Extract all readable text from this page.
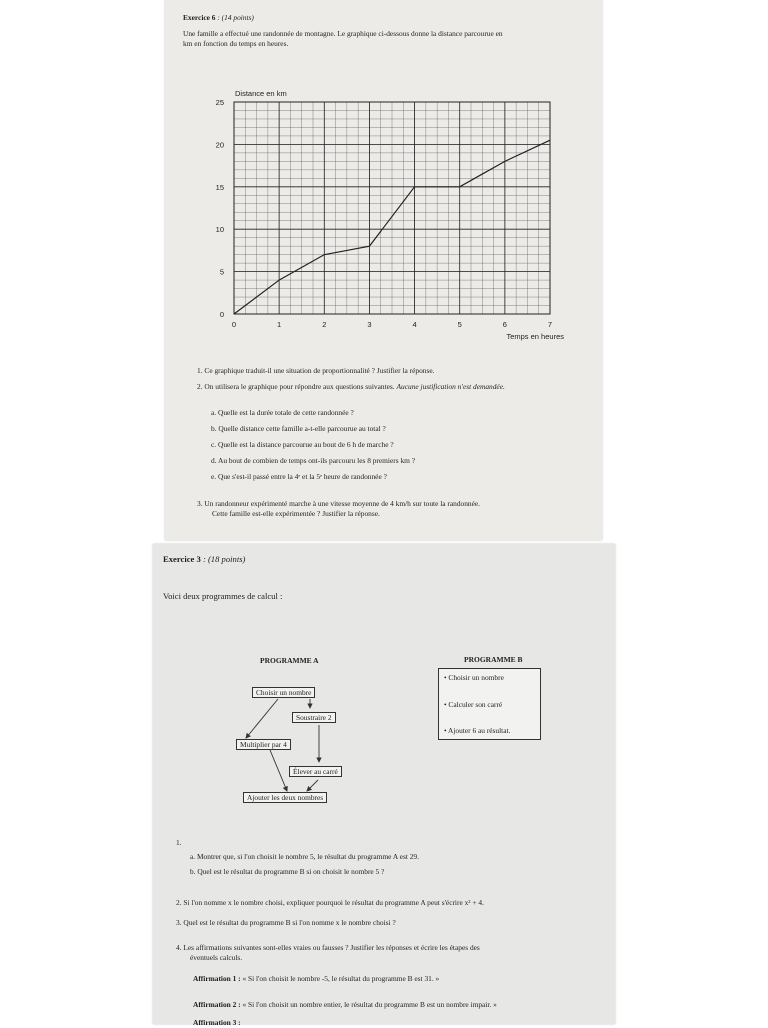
Exercice 6 : (14 points)
Une famille a effectué une randonnée de montagne. Le graphique ci-dessous donne la distance parcourue en
km en fonction du temps en heures.
0	1	2	3	4	5	6	7
0
5
10
15
20
25
Distance en km
Temps en heures
1. Ce graphique traduit-il une situation de proportionnalité ? Justifier la réponse.
2. On utilisera le graphique pour répondre aux questions suivantes. Aucune justification n'est demandée.
a. Quelle est la durée totale de cette randonnée ?
b. Quelle distance cette famille a-t-elle parcourue au total ?
c. Quelle est la distance parcourue au bout de 6 h de marche ?
d. Au bout de combien de temps ont-ils parcouru les 8 premiers km ?
e. Que s'est-il passé entre la 4ᵉ et la 5ᵉ heure de randonnée ?
3. Un randonneur expérimenté marche à une vitesse moyenne de 4 km/h sur toute la randonnée.
Cette famille est-elle expérimentée ? Justifier la réponse.
Exercice 3 : (18 points)
Voici deux programmes de calcul :
PROGRAMME A
Choisir un nombre
Soustraire 2
Multiplier par 4
Élever au carré
Ajouter les deux nombres
PROGRAMME B
• Choisir un nombre
• Calculer son carré
• Ajouter 6 au résultat.
1.
a. Montrer que, si l'on choisit le nombre 5, le résultat du programme A est 29.
b. Quel est le résultat du programme B si on choisit le nombre 5 ?
2. Si l'on nomme x le nombre choisi, expliquer pourquoi le résultat du programme A peut s'écrire x² + 4.
3. Quel est le résultat du programme B si l'on nomme x le nombre choisi ?
4. Les affirmations suivantes sont-elles vraies ou fausses ? Justifier les réponses et écrire les étapes des
éventuels calculs.
Affirmation 1 : « Si l'on choisit le nombre -5, le résultat du programme B est 31. »
Affirmation 2 : « Si l'on choisit un nombre entier, le résultat du programme B est un nombre impair. »
Affirmation 3 :
